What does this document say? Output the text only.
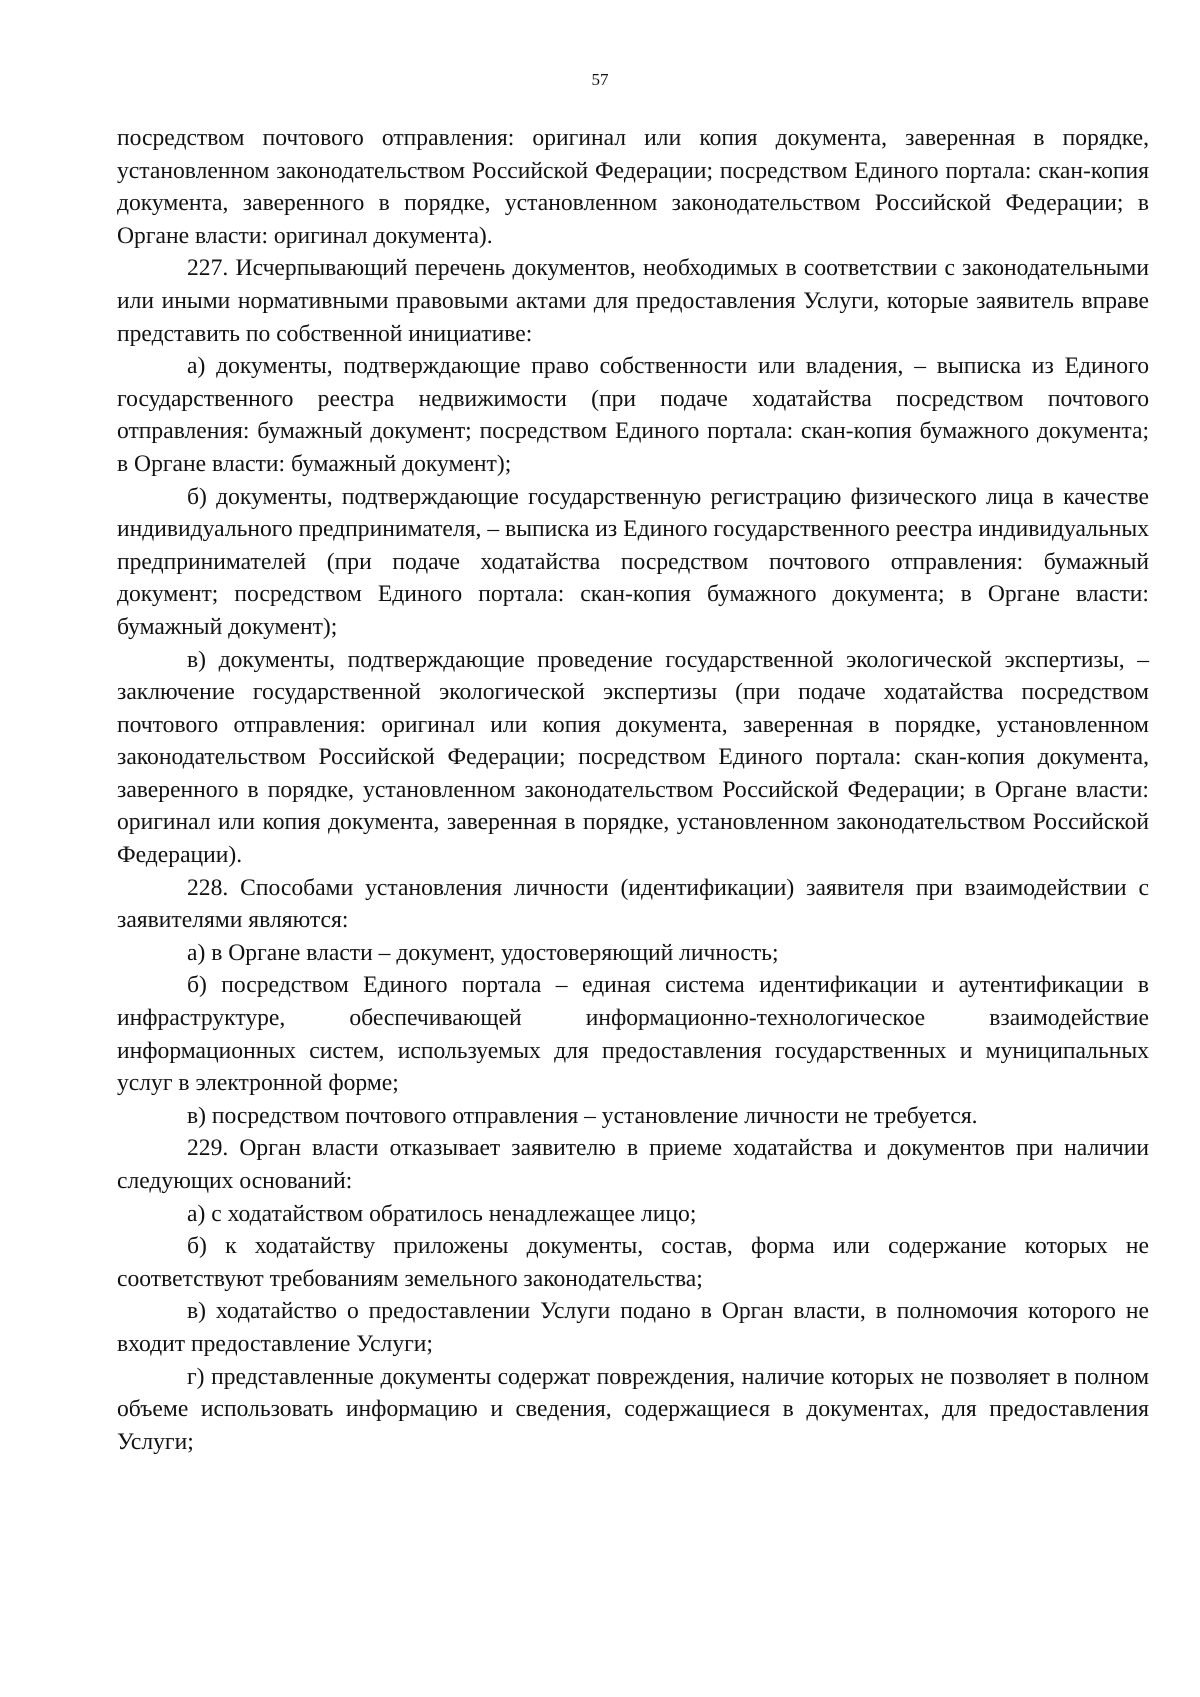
57

посредством почтового отправления: оригинал или копия документа, заверенная в порядке, установленном законодательством Российской Федерации; посредством Единого портала: скан-копия документа, заверенного в порядке, установленном законодательством Российской Федерации; в Органе власти: оригинал документа).

227. Исчерпывающий перечень документов, необходимых в соответствии с законодательными или иными нормативными правовыми актами для предоставления Услуги, которые заявитель вправе представить по собственной инициативе:

а) документы, подтверждающие право собственности или владения, – выписка из Единого государственного реестра недвижимости (при подаче ходатайства посредством почтового отправления: бумажный документ; посредством Единого портала: скан-копия бумажного документа; в Органе власти: бумажный документ);

б) документы, подтверждающие государственную регистрацию физического лица в качестве индивидуального предпринимателя, – выписка из Единого государственного реестра индивидуальных предпринимателей (при подаче ходатайства посредством почтового отправления: бумажный документ; посредством Единого портала: скан-копия бумажного документа; в Органе власти: бумажный документ);

в) документы, подтверждающие проведение государственной экологической экспертизы, – заключение государственной экологической экспертизы (при подаче ходатайства посредством почтового отправления: оригинал или копия документа, заверенная в порядке, установленном законодательством Российской Федерации; посредством Единого портала: скан-копия документа, заверенного в порядке, установленном законодательством Российской Федерации; в Органе власти: оригинал или копия документа, заверенная в порядке, установленном законодательством Российской Федерации).

228. Способами установления личности (идентификации) заявителя при взаимодействии с заявителями являются:

а) в Органе власти – документ, удостоверяющий личность;

б) посредством Единого портала – единая система идентификации и аутентификации в инфраструктуре, обеспечивающей информационно-технологическое взаимодействие информационных систем, используемых для предоставления государственных и муниципальных услуг в электронной форме;

в) посредством почтового отправления – установление личности не требуется.

229. Орган власти отказывает заявителю в приеме ходатайства и документов при наличии следующих оснований:

а) с ходатайством обратилось ненадлежащее лицо;

б) к ходатайству приложены документы, состав, форма или содержание которых не соответствуют требованиям земельного законодательства;

в) ходатайство о предоставлении Услуги подано в Орган власти, в полномочия которого не входит предоставление Услуги;

г) представленные документы содержат повреждения, наличие которых не позволяет в полном объеме использовать информацию и сведения, содержащиеся в документах, для предоставления Услуги;
